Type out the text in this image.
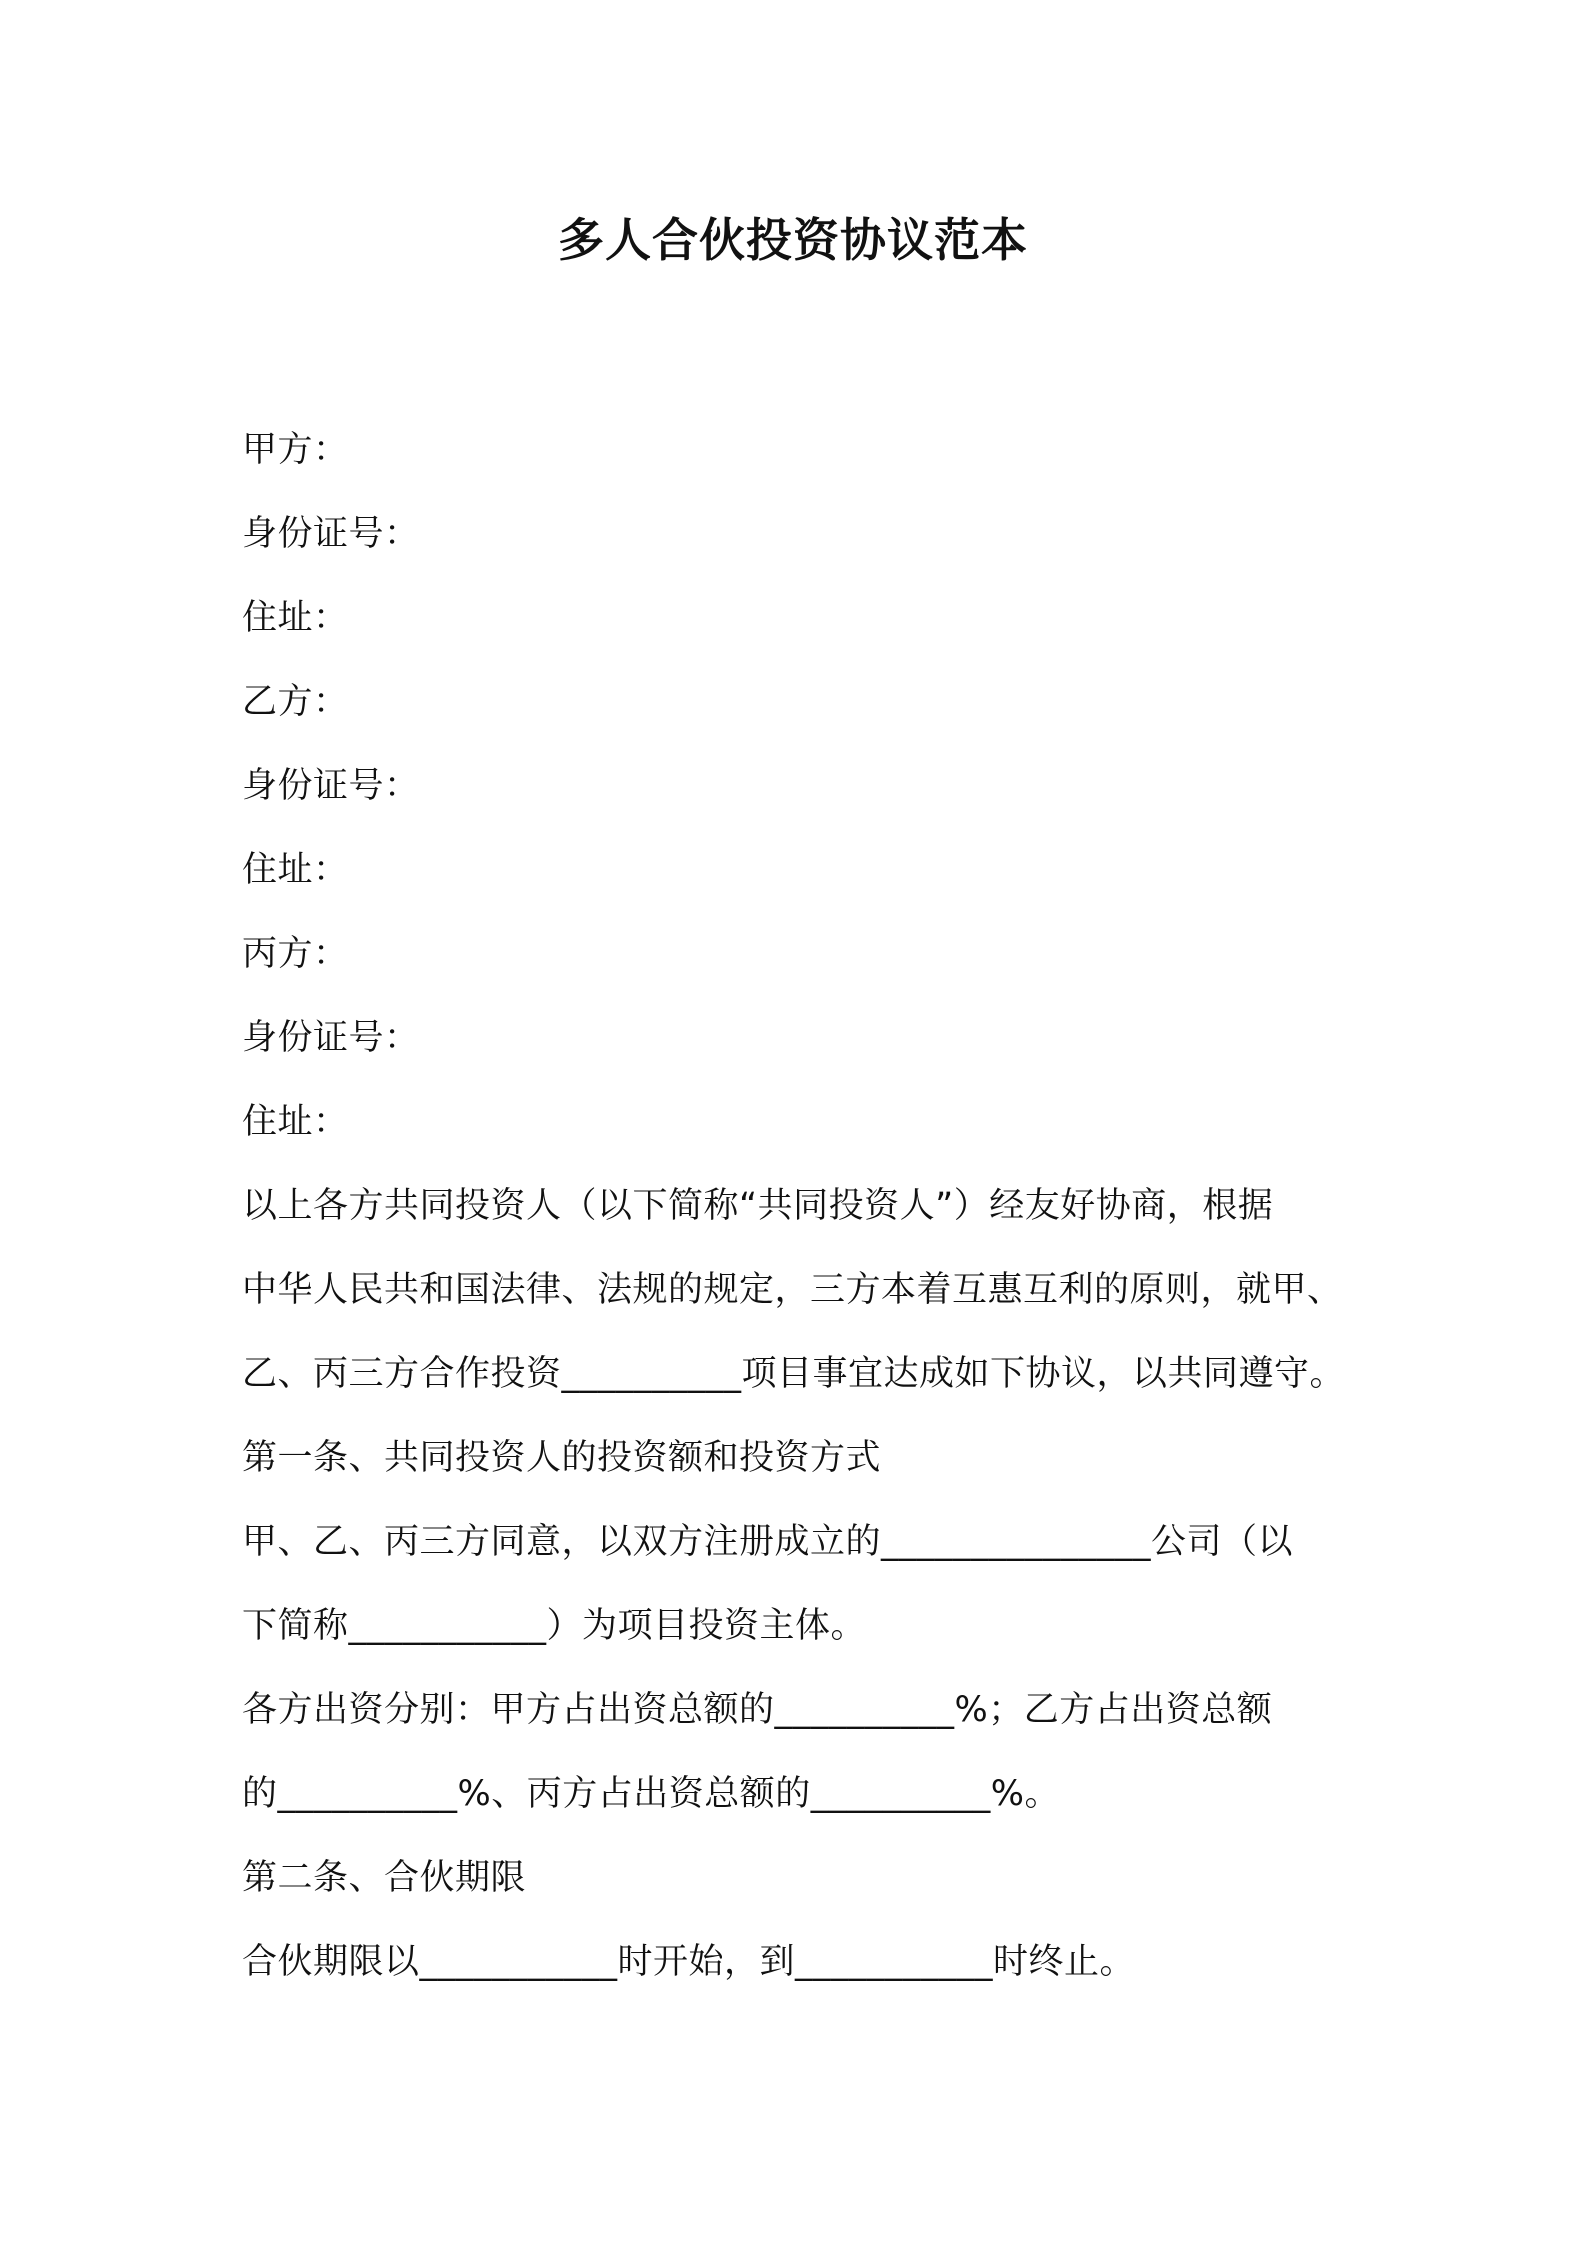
多人合伙投资协议范本
甲方：
身份证号：
住址：
乙方：
身份证号：
住址：
丙方：
身份证号：
住址：
以上各方共同投资人（以下简称“共同投资人”）经友好协商，根据
中华人民共和国法律、法规的规定，三方本着互惠互利的原则，就甲、
乙、丙三方合作投资__________项目事宜达成如下协议，以共同遵守。
第一条、共同投资人的投资额和投资方式
甲、乙、丙三方同意，以双方注册成立的_______________公司（以
下简称___________）为项目投资主体。
各方出资分别：甲方占出资总额的__________%；乙方占出资总额
的__________%、丙方占出资总额的__________%。
第二条、合伙期限
合伙期限以___________时开始，到___________时终止。
